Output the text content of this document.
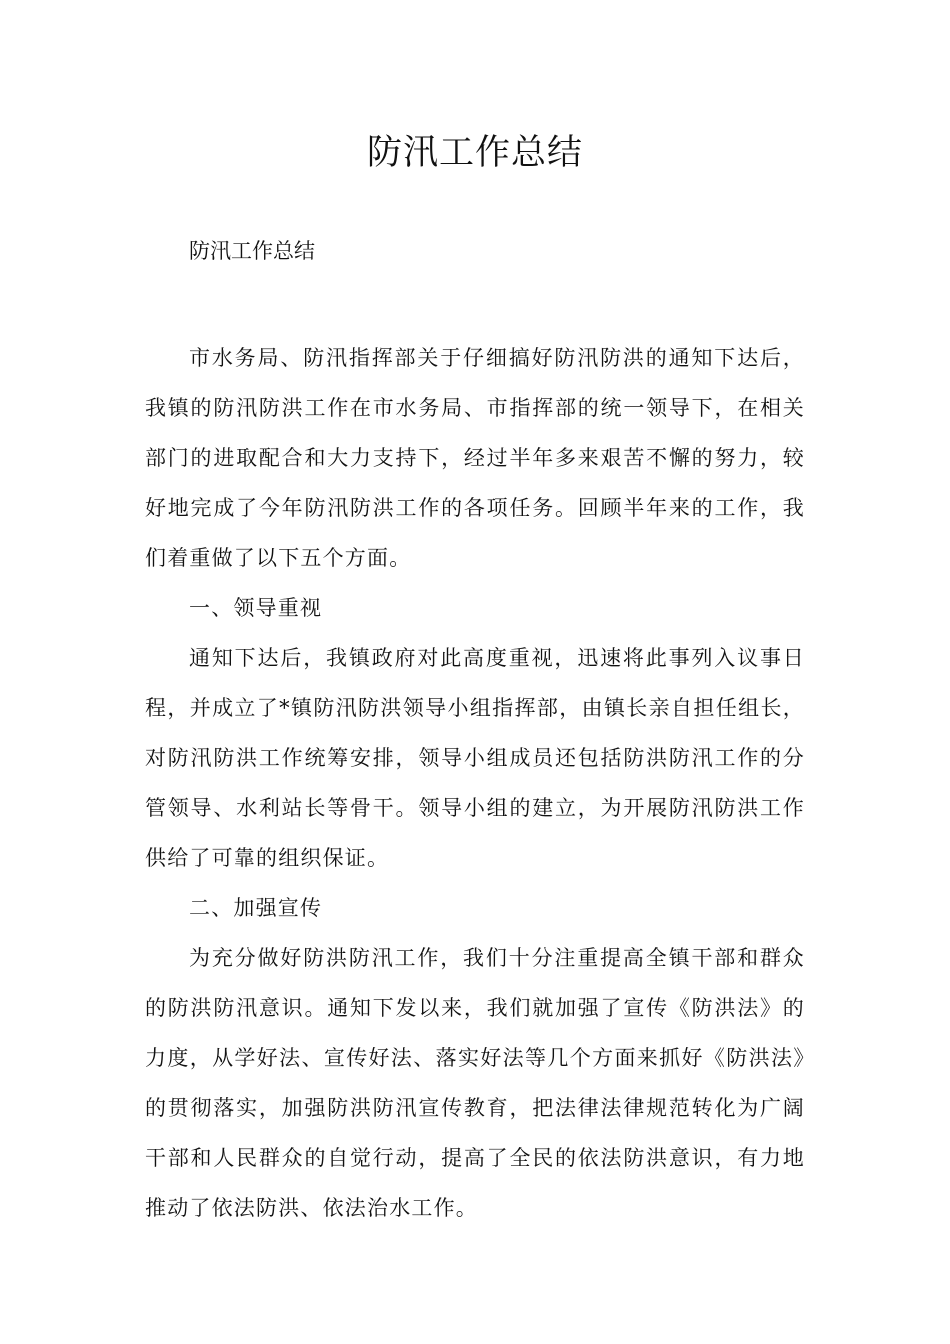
防汛工作总结

防汛工作总结

市水务局、防汛指挥部关于仔细搞好防汛防洪的通知下达后，我镇的防汛防洪工作在市水务局、市指挥部的统一领导下，在相关部门的进取配合和大力支持下，经过半年多来艰苦不懈的努力，较好地完成了今年防汛防洪工作的各项任务。回顾半年来的工作，我们着重做了以下五个方面。

一、领导重视

通知下达后，我镇政府对此高度重视，迅速将此事列入议事日程，并成立了*镇防汛防洪领导小组指挥部，由镇长亲自担任组长，对防汛防洪工作统筹安排，领导小组成员还包括防洪防汛工作的分管领导、水利站长等骨干。领导小组的建立，为开展防汛防洪工作供给了可靠的组织保证。

二、加强宣传

为充分做好防洪防汛工作，我们十分注重提高全镇干部和群众的防洪防汛意识。通知下发以来，我们就加强了宣传《防洪法》的力度，从学好法、宣传好法、落实好法等几个方面来抓好《防洪法》的贯彻落实，加强防洪防汛宣传教育，把法律法律规范转化为广阔干部和人民群众的自觉行动，提高了全民的依法防洪意识，有力地推动了依法防洪、依法治水工作。
